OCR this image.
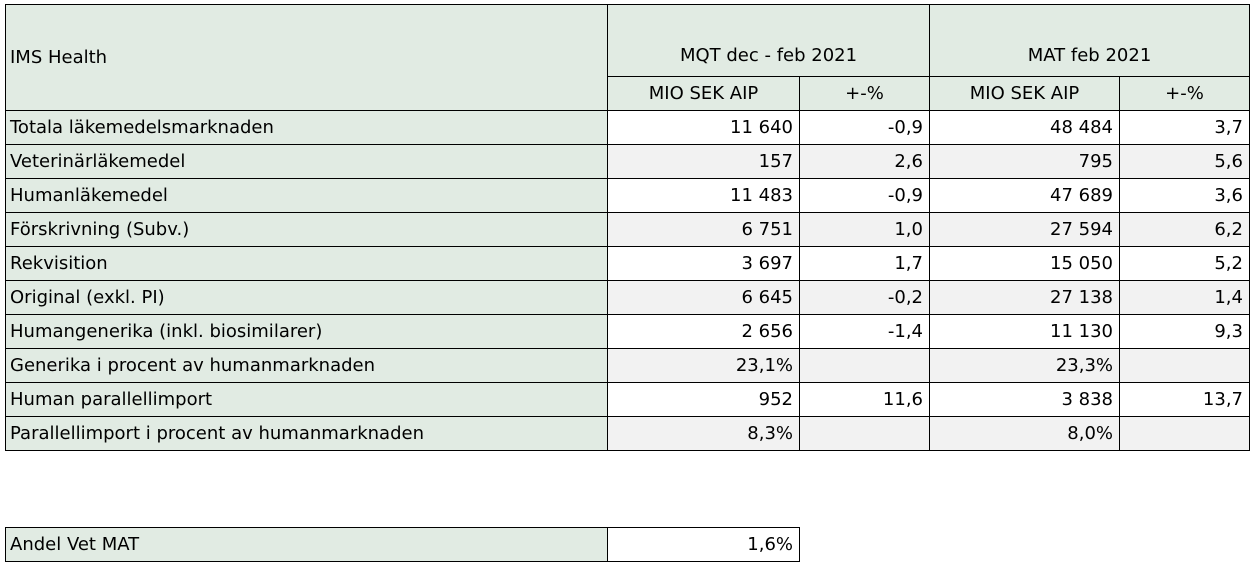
IMS Health	MQT dec - feb 2021		MAT feb 2021	
	MIO SEK AIP	+-%	MIO SEK AIP	+-%
Totala läkemedelsmarknaden	11 640	-0,9	48 484	3,7
Veterinärläkemedel	157	2,6	795	5,6
Humanläkemedel	11 483	-0,9	47 689	3,6
Förskrivning (Subv.)	6 751	1,0	27 594	6,2
Rekvisition	3 697	1,7	15 050	5,2
Original (exkl. PI)	6 645	-0,2	27 138	1,4
Humangenerika (inkl. biosimilarer)	2 656	-1,4	11 130	9,3
Generika i procent av humanmarknaden	23,1%		23,3%	
Human parallellimport	952	11,6	3 838	13,7
Parallellimport i procent av humanmarknaden	8,3%		8,0%	
Andel Vet MAT	1,6%
